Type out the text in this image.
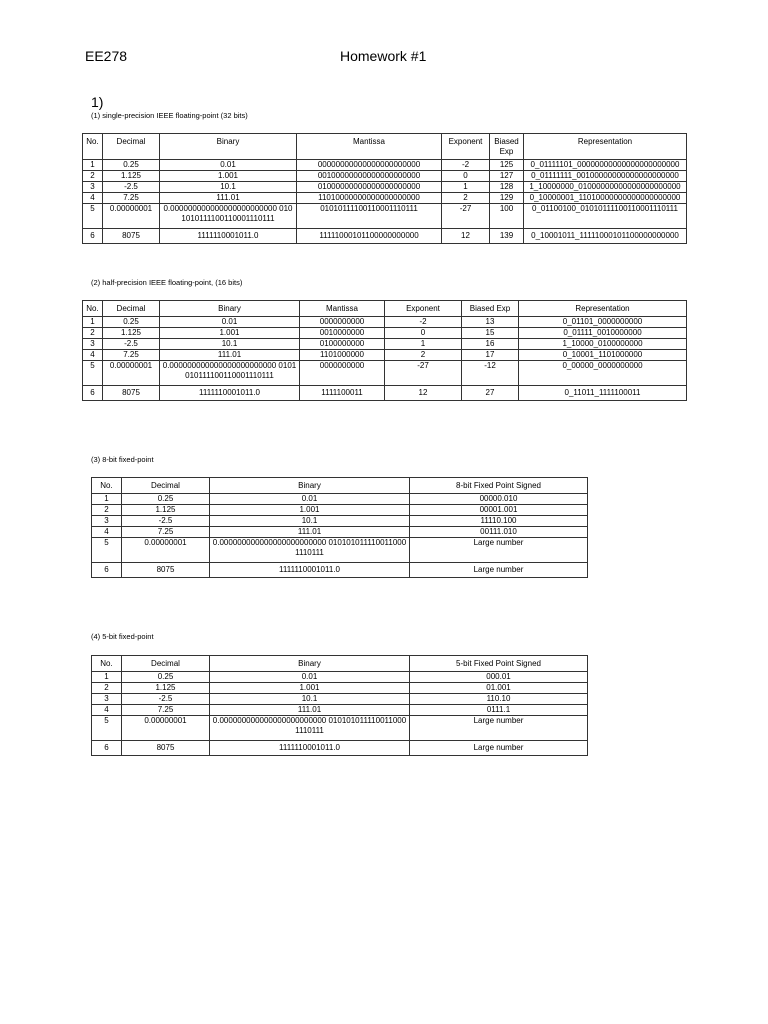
EE278	Homework #1
1)
(1) single-precision IEEE floating-point (32 bits)
No.	Decimal	Binary	Mantissa	Exponent	Biased Exp	Representation
1	0.25	0.01	00000000000000000000000	-2	125	0_01111101_00000000000000000000000
2	1.125	1.001	00100000000000000000000	0	127	0_01111111_00100000000000000000000
3	-2.5	10.1	01000000000000000000000	1	128	1_10000000_01000000000000000000000
4	7.25	111.01	11010000000000000000000	2	129	0_10000001_11010000000000000000000
5	0.00000001	0.000000000000000000000000 0101010111100110001110111	01010111100110001110111	-27	100	0_01100100_01010111100110001110111
6	8075	1111110001011.0	11111000101100000000000	12	139	0_10001011_11111000101100000000000
(2) half-precision IEEE floating-point, (16 bits)
No.	Decimal	Binary	Mantissa	Exponent	Biased Exp	Representation
1	0.25	0.01	0000000000	-2	13	0_01101_0000000000
2	1.125	1.001	0010000000	0	15	0_01111_0010000000
3	-2.5	10.1	0100000000	1	16	1_10000_0100000000
4	7.25	111.01	1101000000	2	17	0_10001_1101000000
5	0.00000001	0.000000000000000000000000 0101010111100110001110111	0000000000	-27	-12	0_00000_0000000000
6	8075	1111110001011.0	1111100011	12	27	0_11011_1111100011
(3) 8-bit fixed-point
No.	Decimal	Binary	8-bit Fixed Point Signed
1	0.25	0.01	00000.010
2	1.125	1.001	00001.001
3	-2.5	10.1	11110.100
4	7.25	111.01	00111.010
5	0.00000001	0.000000000000000000000000 0101010111100110001110111	Large number
6	8075	1111110001011.0	Large number
(4) 5-bit fixed-point
No.	Decimal	Binary	5-bit Fixed Point Signed
1	0.25	0.01	000.01
2	1.125	1.001	01.001
3	-2.5	10.1	110.10
4	7.25	111.01	0111.1
5	0.00000001	0.000000000000000000000000 0101010111100110001110111	Large number
6	8075	1111110001011.0	Large number
